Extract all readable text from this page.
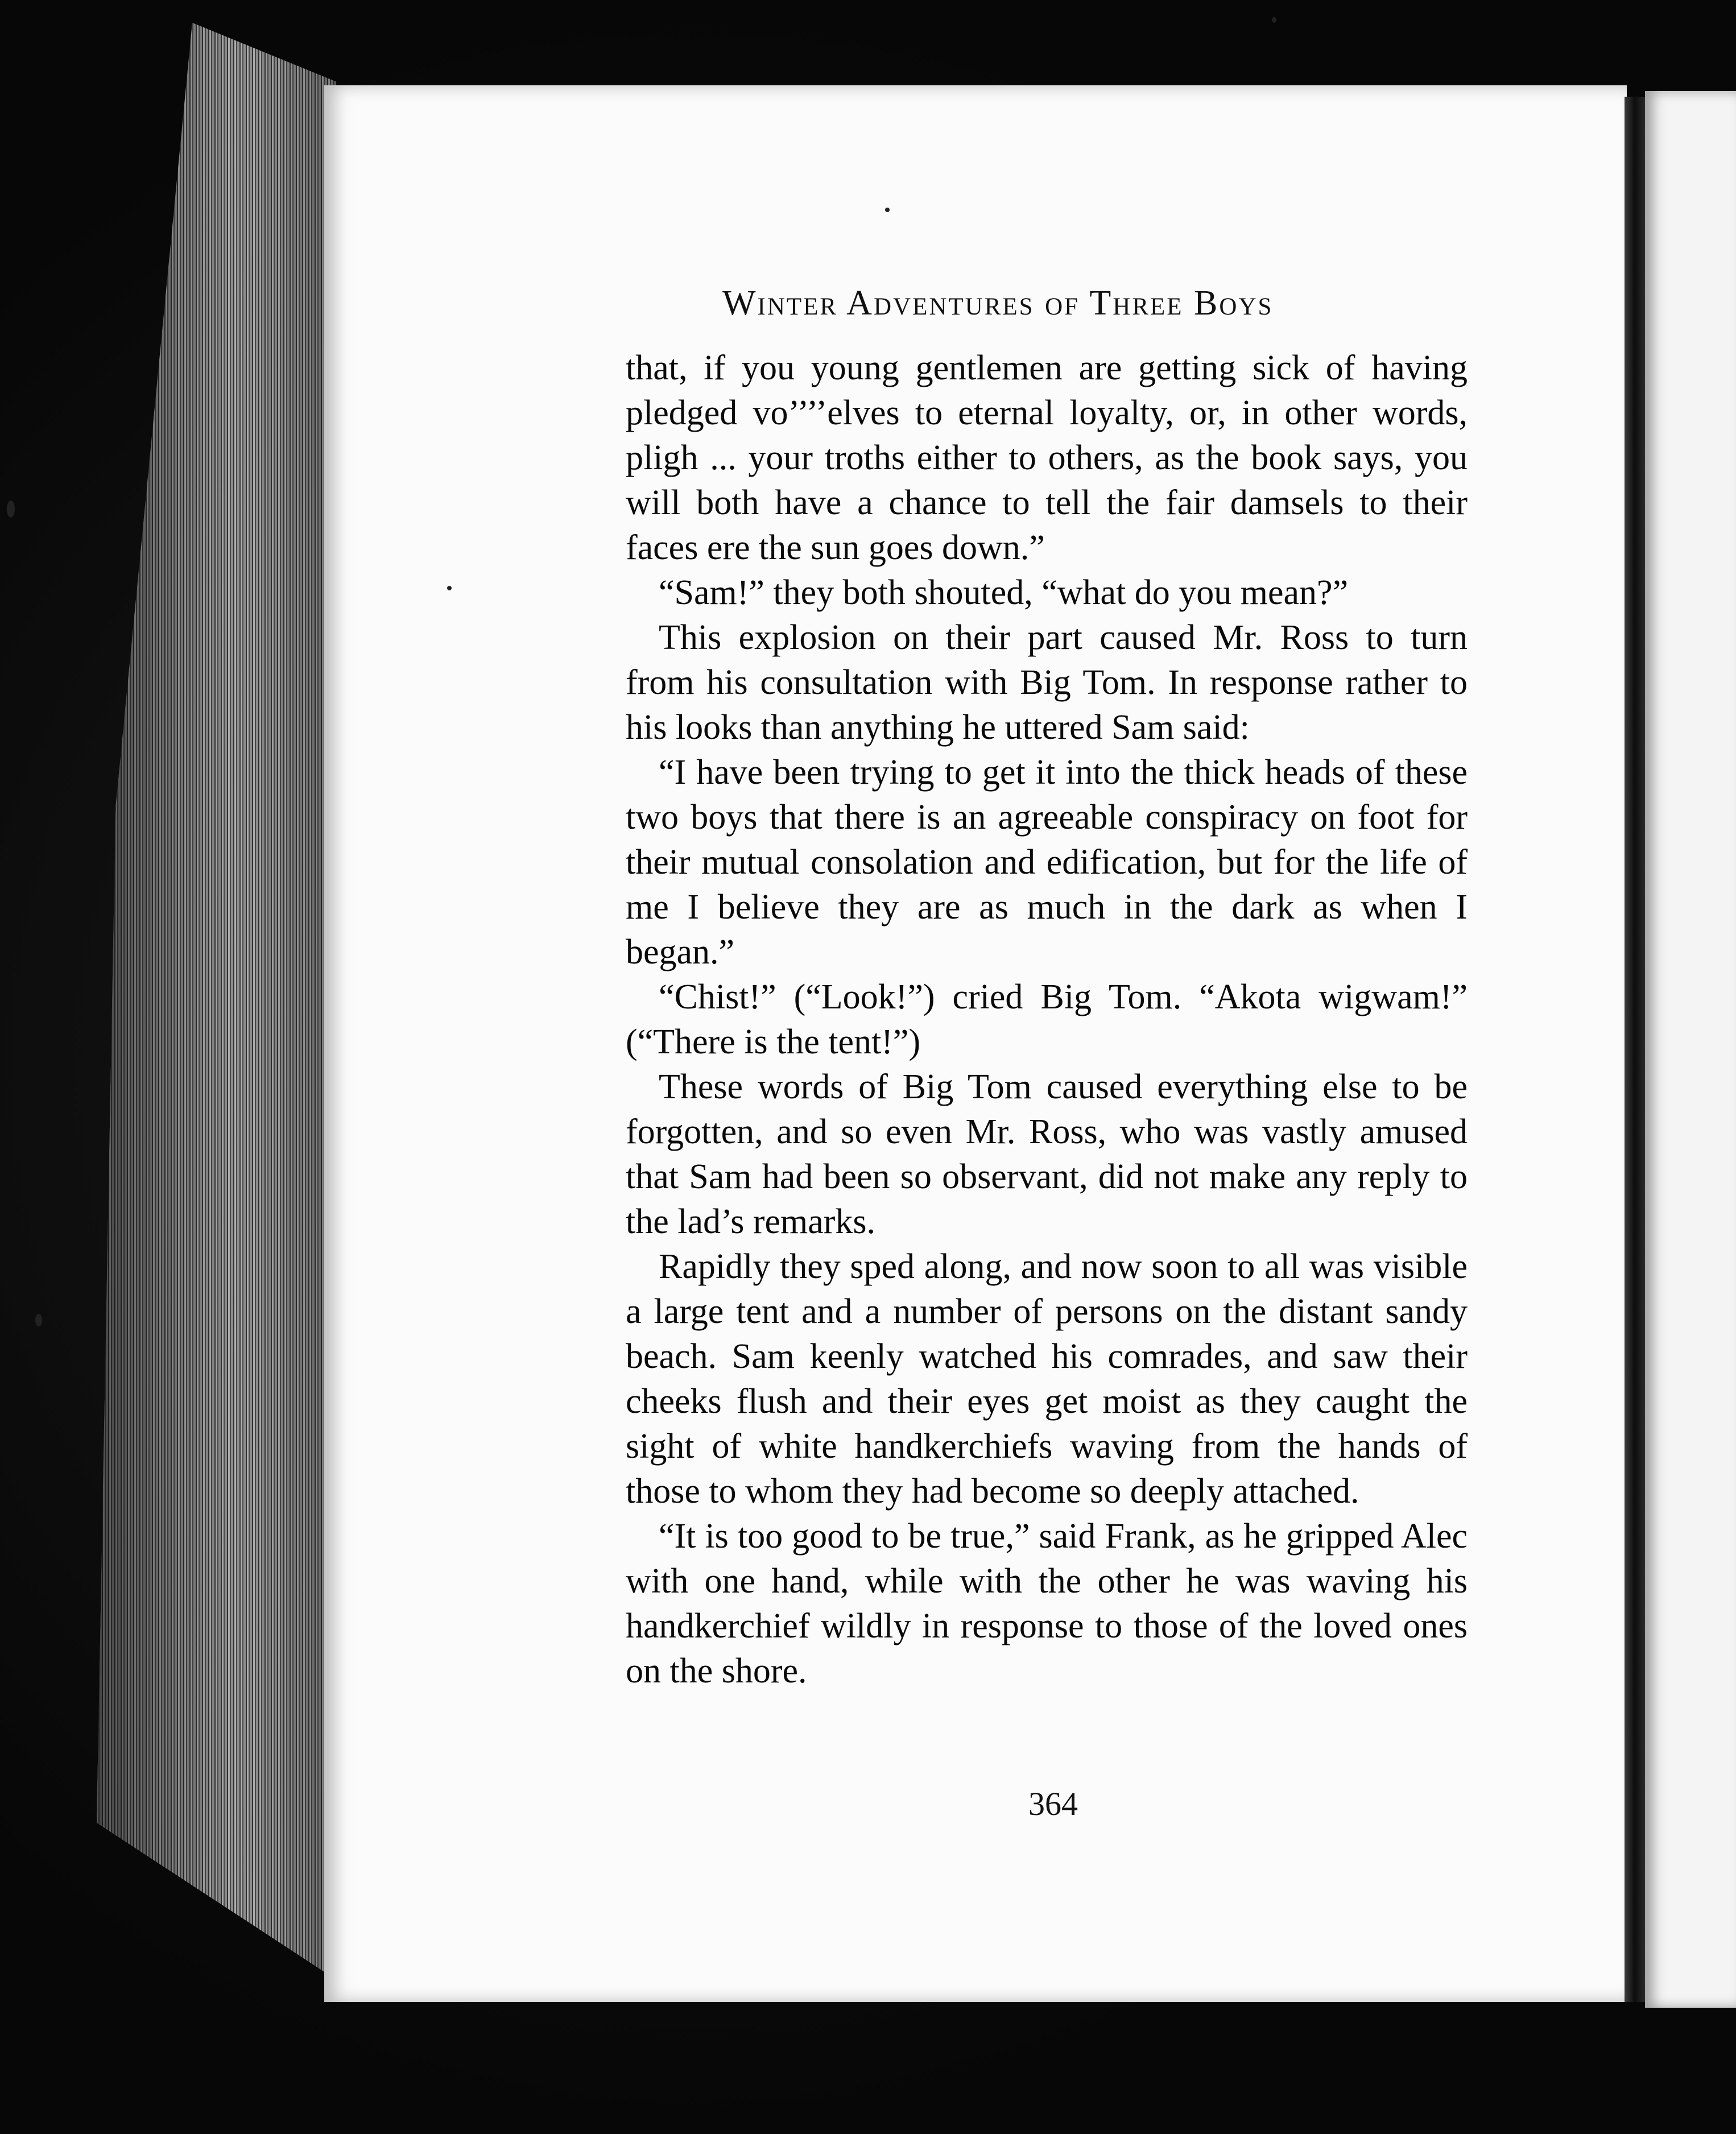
Winter Adventures of Three Boys

that, if you young gentlemen are getting sick of having pledged vo’’’’elves to eternal loyalty, or, in other words, pligh ... your troths either to others, as the book says, you will both have a chance to tell the fair damsels to their faces ere the sun goes down.”

“Sam!” they both shouted, “what do you mean?”

This explosion on their part caused Mr. Ross to turn from his consultation with Big Tom. In response rather to his looks than anything he uttered Sam said:

“I have been trying to get it into the thick heads of these two boys that there is an agreeable conspiracy on foot for their mutual consolation and edification, but for the life of me I believe they are as much in the dark as when I began.”

“Chist!” (“Look!”) cried Big Tom. “Akota wigwam!” (“There is the tent!”)

These words of Big Tom caused everything else to be forgotten, and so even Mr. Ross, who was vastly amused that Sam had been so observant, did not make any reply to the lad’s remarks.

Rapidly they sped along, and now soon to all was visible a large tent and a number of persons on the distant sandy beach. Sam keenly watched his comrades, and saw their cheeks flush and their eyes get moist as they caught the sight of white handkerchiefs waving from the hands of those to whom they had become so deeply attached.

“It is too good to be true,” said Frank, as he gripped Alec with one hand, while with the other he was waving his handkerchief wildly in response to those of the loved ones on the shore.

364
